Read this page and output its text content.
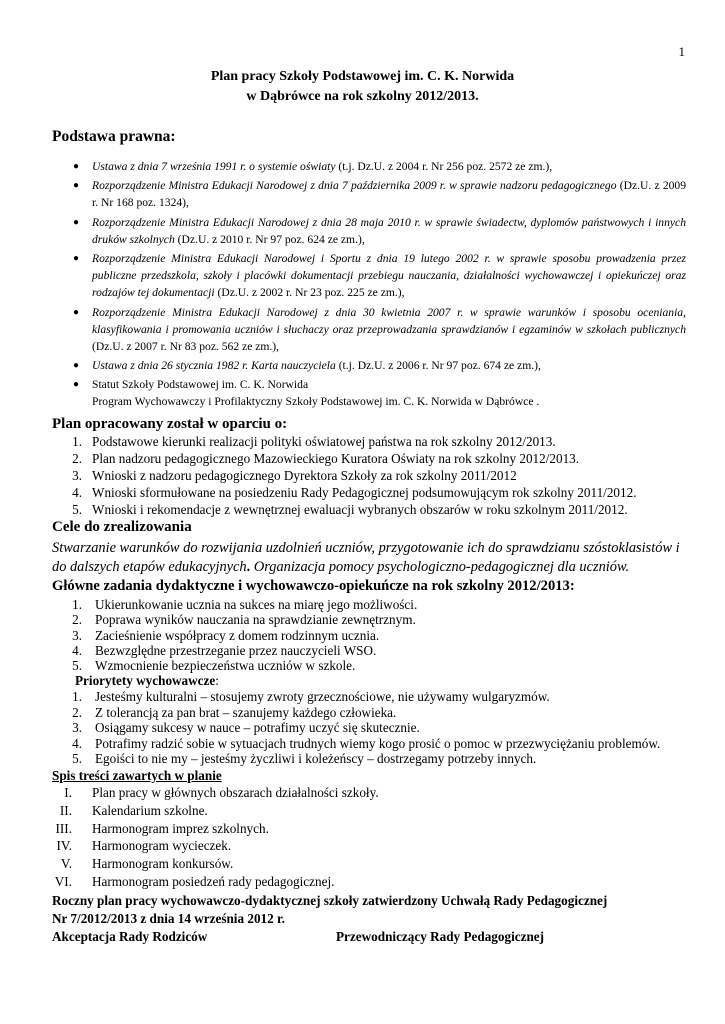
1
Plan pracy Szkoły Podstawowej im. C. K. Norwida
w Dąbrówce na rok szkolny 2012/2013.
Podstawa prawna:
● Ustawa z dnia 7 września 1991 r. o systemie oświaty (t.j. Dz.U. z 2004 r. Nr 256 poz. 2572 ze zm.),
● Rozporządzenie Ministra Edukacji Narodowej z dnia 7 października 2009 r. w sprawie nadzoru pedagogicznego (Dz.U. z 2009 r. Nr 168 poz. 1324),
● Rozporządzenie Ministra Edukacji Narodowej z dnia 28 maja 2010 r. w sprawie świadectw, dyplomów państwowych i innych druków szkolnych (Dz.U. z 2010 r. Nr 97 poz. 624 ze zm.),
● Rozporządzenie Ministra Edukacji Narodowej i Sportu z dnia 19 lutego 2002 r. w sprawie sposobu prowadzenia przez publiczne przedszkola, szkoły i placówki dokumentacji przebiegu nauczania, działalności wychowawczej i opiekuńczej oraz rodzajów tej dokumentacji (Dz.U. z 2002 r. Nr 23 poz. 225 ze zm.),
● Rozporządzenie Ministra Edukacji Narodowej z dnia 30 kwietnia 2007 r. w sprawie warunków i sposobu oceniania, klasyfikowania i promowania uczniów i słuchaczy oraz przeprowadzania sprawdzianów i egzaminów w szkołach publicznych (Dz.U. z 2007 r. Nr 83 poz. 562 ze zm.),
● Ustawa z dnia 26 stycznia 1982 r. Karta nauczyciela (t.j. Dz.U. z 2006 r. Nr 97 poz. 674 ze zm.),
● Statut Szkoły Podstawowej im. C. K. Norwida
Program Wychowawczy i Profilaktyczny Szkoły Podstawowej im. C. K. Norwida w Dąbrówce .
Plan opracowany został w oparciu o:
1. Podstawowe kierunki realizacji polityki oświatowej państwa na rok szkolny 2012/2013.
2. Plan nadzoru pedagogicznego Mazowieckiego Kuratora Oświaty na rok szkolny 2012/2013.
3. Wnioski z nadzoru pedagogicznego Dyrektora Szkoły za rok szkolny 2011/2012
4. Wnioski sformułowane na posiedzeniu Rady Pedagogicznej podsumowującym rok szkolny 2011/2012.
5. Wnioski i rekomendacje z wewnętrznej ewaluacji wybranych obszarów w roku szkolnym 2011/2012.
Cele do zrealizowania
Stwarzanie warunków do rozwijania uzdolnień uczniów, przygotowanie ich do sprawdzianu szóstoklasistów i do dalszych etapów edukacyjnych. Organizacja pomocy psychologiczno-pedagogicznej dla uczniów.
Główne zadania dydaktyczne i wychowawczo-opiekuńcze na rok szkolny 2012/2013:
1. Ukierunkowanie ucznia na sukces na miarę jego możliwości.
2. Poprawa wyników nauczania na sprawdzianie zewnętrznym.
3. Zacieśnienie współpracy z domem rodzinnym ucznia.
4. Bezwzględne przestrzeganie przez nauczycieli WSO.
5. Wzmocnienie bezpieczeństwa uczniów w szkole.
Priorytety wychowawcze:
1. Jesteśmy kulturalni – stosujemy zwroty grzecznościowe, nie używamy wulgaryzmów.
2. Z tolerancją za pan brat – szanujemy każdego człowieka.
3. Osiągamy sukcesy w nauce – potrafimy uczyć się skutecznie.
4. Potrafimy radzić sobie w sytuacjach trudnych wiemy kogo prosić o pomoc w przezwyciężaniu problemów.
5. Egoiści to nie my – jesteśmy życzliwi i koleżeńscy – dostrzegamy potrzeby innych.
Spis treści zawartych w planie
I. Plan pracy w głównych obszarach działalności szkoły.
II. Kalendarium szkolne.
III. Harmonogram imprez szkolnych.
IV. Harmonogram wycieczek.
V. Harmonogram konkursów.
VI. Harmonogram posiedzeń rady pedagogicznej.
Roczny plan pracy wychowawczo-dydaktycznej szkoły zatwierdzony Uchwałą Rady Pedagogicznej
Nr 7/2012/2013 z dnia 14 września 2012 r.
Akceptacja Rady Rodziców	Przewodniczący Rady Pedagogicznej
